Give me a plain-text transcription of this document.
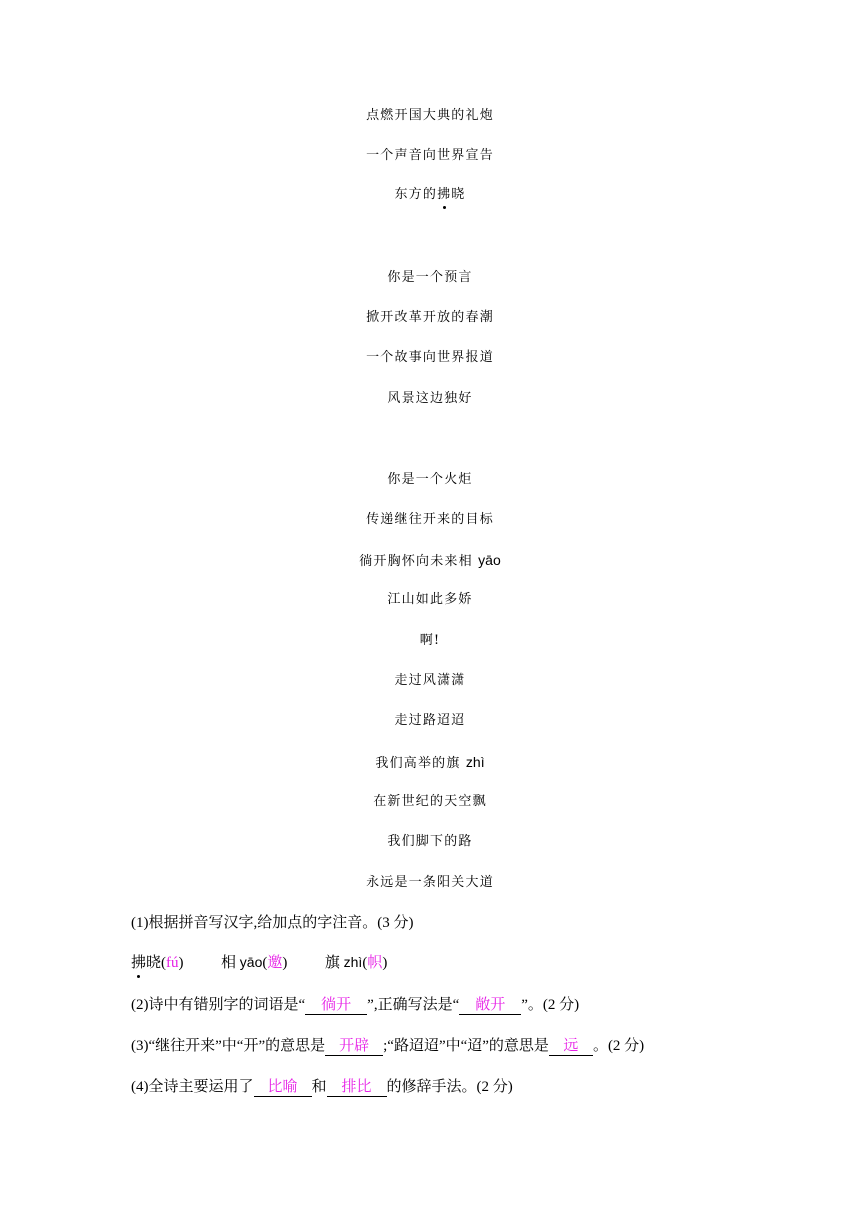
点燃开国大典的礼炮
一个声音向世界宣告
东方的拂晓
你是一个预言
掀开改革开放的春潮
一个故事向世界报道
风景这边独好
你是一个火炬
传递继往开来的目标
徜开胸怀向未来相 yāo
江山如此多娇
啊!
走过风潇潇
走过路迢迢
我们高举的旗 zhì
在新世纪的天空飘
我们脚下的路
永远是一条阳关大道
(1)根据拼音写汉字,给加点的字注音。(3 分)
拂晓(fú)	相 yāo(邀)	旗 zhì(帜)
(2)诗中有错别字的词语是“ 徜开 ”,正确写法是“ 敞开 ”。(2 分)
(3)“继往开来”中“开”的意思是 开辟 ;“路迢迢”中“迢”的意思是 远 。(2 分)
(4)全诗主要运用了 比喻 和 排比 的修辞手法。(2 分)
